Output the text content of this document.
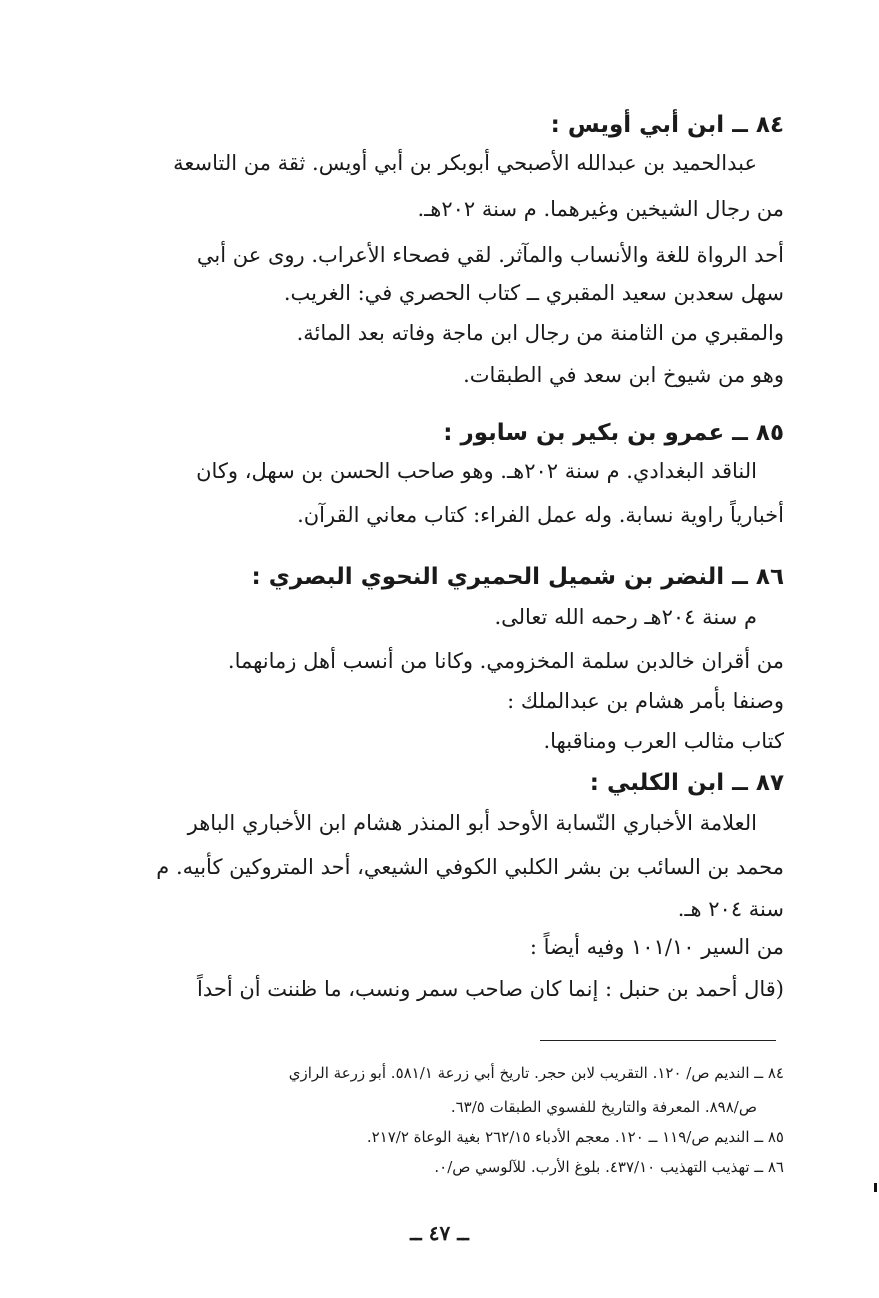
٨٤ ــ ابن أبي أويس :
عبدالحميد بن عبدالله الأصبحي أبوبكر بن أبي أويس. ثقة من التاسعة
من رجال الشيخين وغيرهما. م سنة ٢٠٢هـ.
أحد الرواة للغة والأنساب والمآثر. لقي فصحاء الأعراب. روى عن أبي
سهل سعدبن سعيد المقبري ــ كتاب الحصري في: الغريب.
والمقبري من الثامنة من رجال ابن ماجة وفاته بعد المائة.
وهو من شيوخ ابن سعد في الطبقات.
٨٥ ــ عمرو بن بكير بن سابور :
الناقد البغدادي. م سنة ٢٠٢هـ. وهو صاحب الحسن بن سهل، وكان
أخبارياً راوية نسابة. وله عمل الفراء: كتاب معاني القرآن.
٨٦ ــ النضر بن شميل الحميري النحوي البصري :
م سنة ٢٠٤هـ رحمه الله تعالى.
من أقران خالدبن سلمة المخزومي. وكانا من أنسب أهل زمانهما.
وصنفا بأمر هشام بن عبدالملك :
كتاب مثالب العرب ومناقبها.
٨٧ ــ ابن الكلبي :
العلامة الأخباري النّسابة الأوحد أبو المنذر هشام ابن الأخباري الباهر
محمد بن السائب بن بشر الكلبي الكوفي الشيعي، أحد المتروكين كأبيه. م
سنة ٢٠٤ هـ.
من السير ١٠١/١٠ وفيه أيضاً :
(قال أحمد بن حنبل : إنما كان صاحب سمر ونسب، ما ظننت أن أحداً
٨٤ ــ النديم ص/ ١٢٠. التقريب لابن حجر. تاريخ أبي زرعة ٥٨١/١. أبو زرعة الرازي
ص/٨٩٨. المعرفة والتاريخ للفسوي الطبقات ٦٣/٥.
٨٥ ــ النديم ص/١١٩ ــ ١٢٠. معجم الأدباء ٢٦٢/١٥ بغية الوعاة ٢١٧/٢.
٨٦ ــ تهذيب التهذيب ٤٣٧/١٠. بلوغ الأرب. للآلوسي ص/٠.
ــ ٤٧ ــ
